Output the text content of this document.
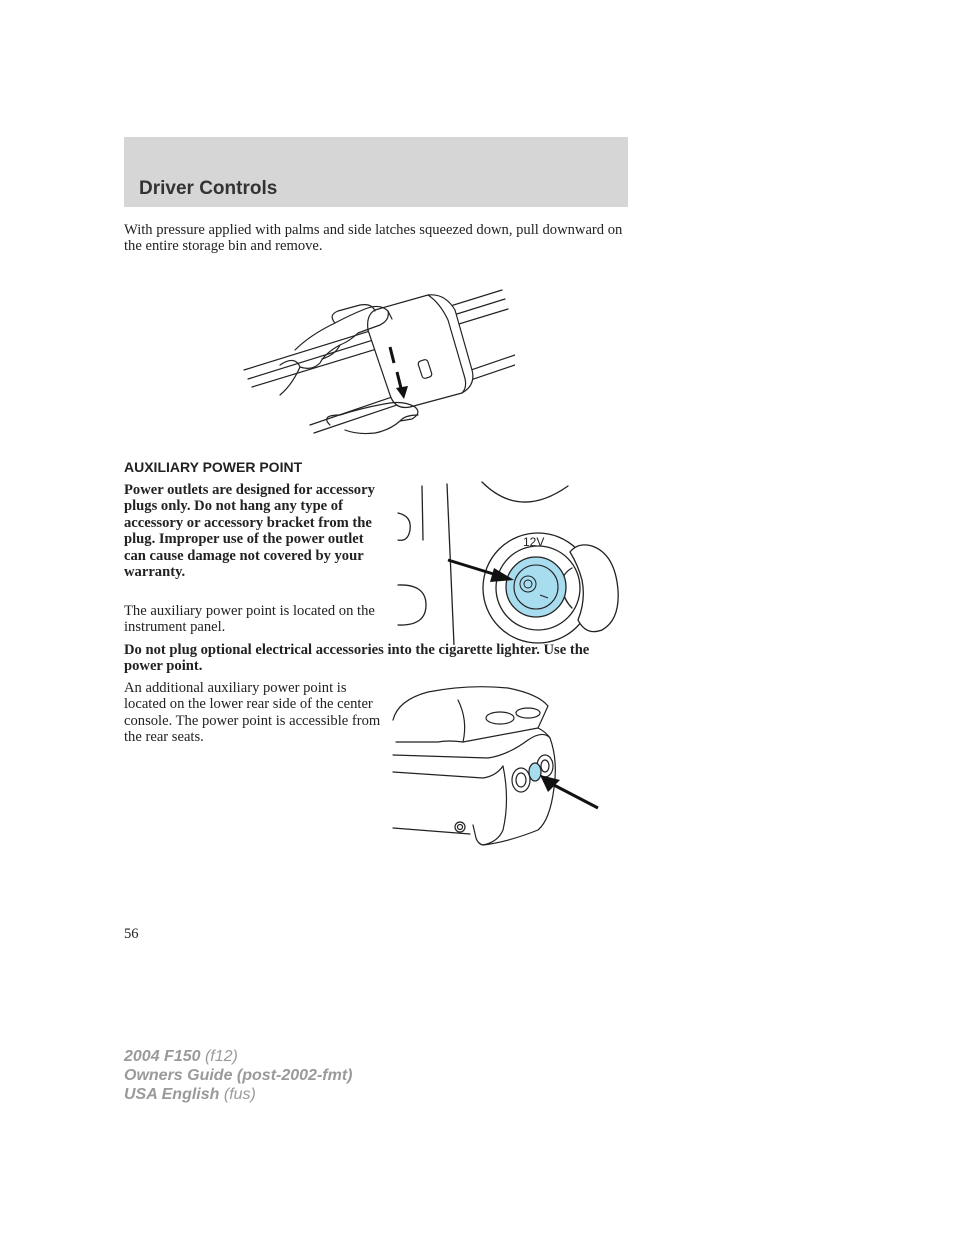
Driver Controls

With pressure applied with palms and side latches squeezed down, pull downward on the entire storage bin and remove.

AUXILIARY POWER POINT

Power outlets are designed for accessory plugs only. Do not hang any type of accessory or accessory bracket from the plug. Improper use of the power outlet can cause damage not covered by your warranty.

The auxiliary power point is located on the instrument panel.

12V

Do not plug optional electrical accessories into the cigarette lighter. Use the power point.

An additional auxiliary power point is located on the lower rear side of the center console. The power point is accessible from the rear seats.

56

2004 F150 (f12)
Owners Guide (post-2002-fmt)
USA English (fus)
